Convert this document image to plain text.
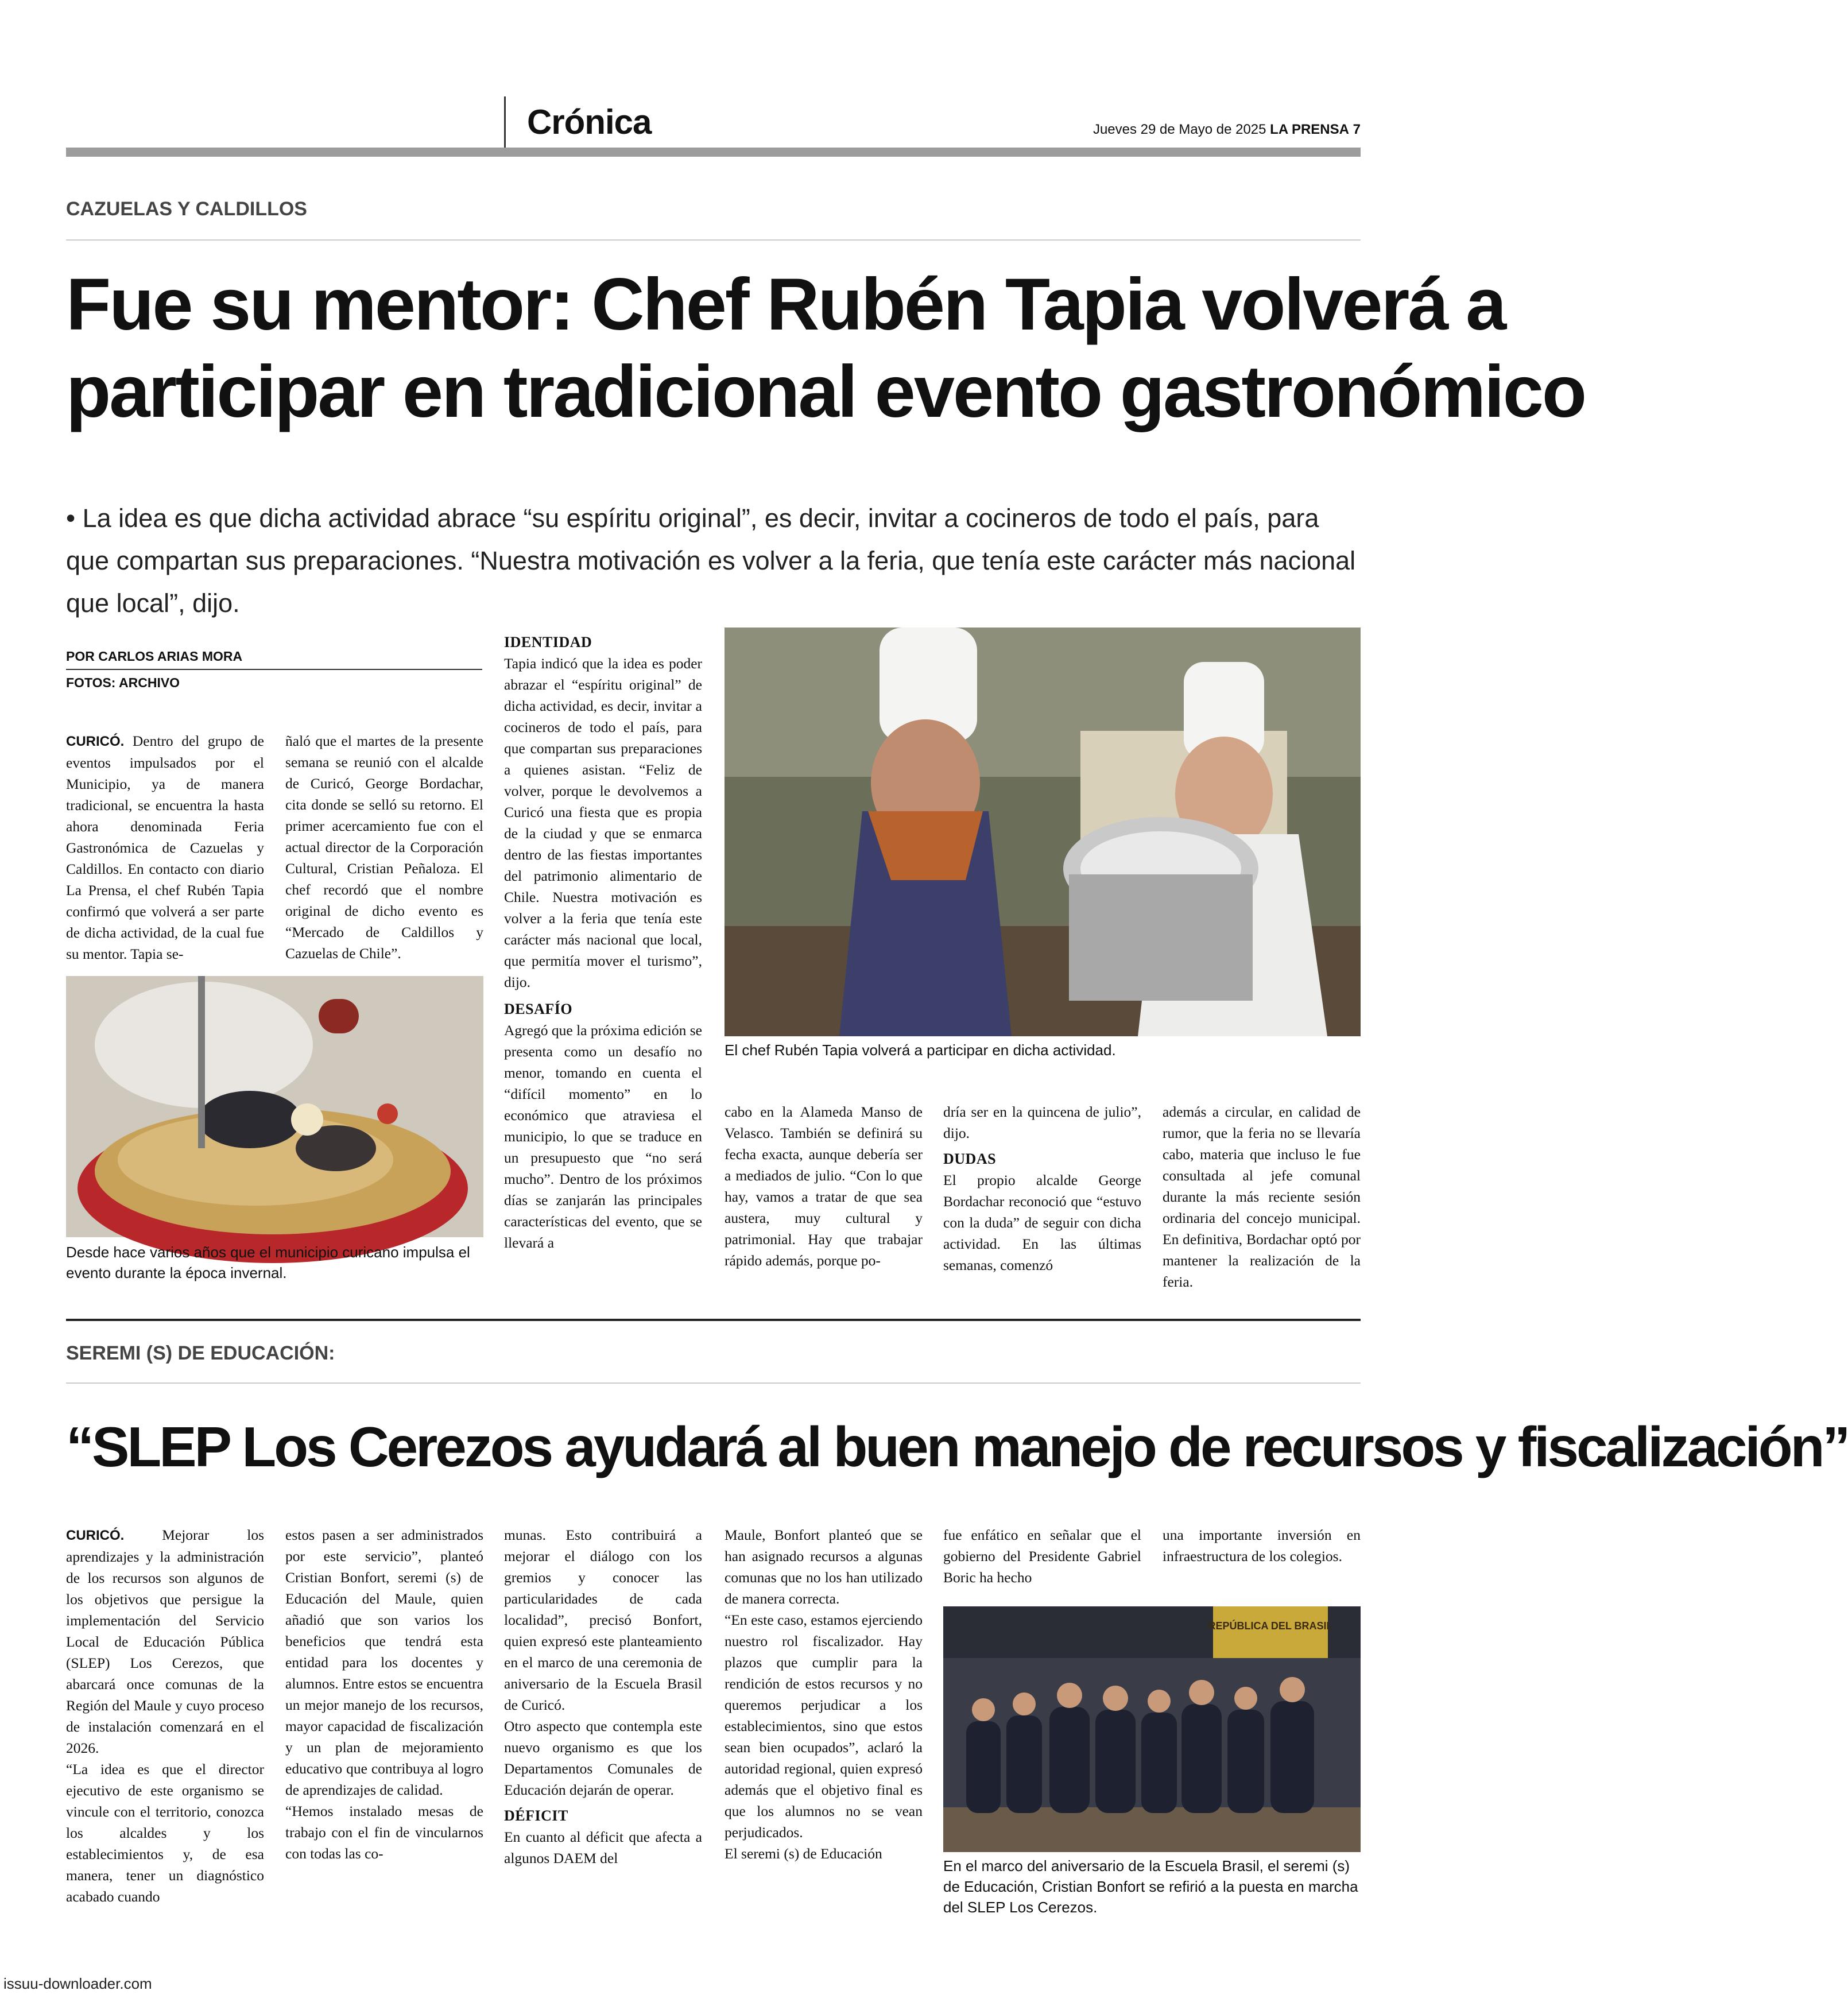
Crónica	Jueves 29 de Mayo de 2025 LA PRENSA 7
CAZUELAS Y CALDILLOS
Fue su mentor: Chef Rubén Tapia volverá a
participar en tradicional evento gastronómico
• La idea es que dicha actividad abrace “su espíritu original”, es decir, invitar a cocineros de todo el país, para que compartan sus preparaciones. “Nuestra motivación es volver a la feria, que tenía este carácter más nacional que local”, dijo.
POR CARLOS ARIAS MORA
FOTOS: ARCHIVO

CURICÓ. Dentro del grupo de eventos impulsados por el Municipio, ya de manera tradicional, se encuentra la hasta ahora denominada Feria Gastronómica de Cazuelas y Caldillos. En contacto con diario La Prensa, el chef Rubén Tapia confirmó que volverá a ser parte de dicha actividad, de la cual fue su mentor. Tapia se-

ñaló que el martes de la presente semana se reunió con el alcalde de Curicó, George Bordachar, cita donde se selló su retorno. El primer acercamiento fue con el actual director de la Corporación Cultural, Cristian Peñaloza. El chef recordó que el nombre original de dicho evento es “Mercado de Caldillos y Cazuelas de Chile”.

Desde hace varios años que el municipio curicano impulsa el evento durante la época invernal.

IDENTIDAD

Tapia indicó que la idea es poder abrazar el “espíritu original” de dicha actividad, es decir, invitar a cocineros de todo el país, para que compartan sus preparaciones a quienes asistan. “Feliz de volver, porque le devolvemos a Curicó una fiesta que es propia de la ciudad y que se enmarca dentro de las fiestas importantes del patrimonio alimentario de Chile. Nuestra motivación es volver a la feria que tenía este carácter más nacional que local, que permitía mover el turismo”, dijo.

DESAFÍO

Agregó que la próxima edición se presenta como un desafío no menor, tomando en cuenta el “difícil momento” en lo económico que atraviesa el municipio, lo que se traduce en un presupuesto que “no será mucho”. Dentro de los próximos días se zanjarán las principales características del evento, que se llevará a

El chef Rubén Tapia volverá a participar en dicha actividad.

cabo en la Alameda Manso de Velasco. También se definirá su fecha exacta, aunque debería ser a mediados de julio. “Con lo que hay, vamos a tratar de que sea austera, muy cultural y patrimonial. Hay que trabajar rápido además, porque po-

dría ser en la quincena de julio”, dijo.

DUDAS

El propio alcalde George Bordachar reconoció que “estuvo con la duda” de seguir con dicha actividad. En las últimas semanas, comenzó

además a circular, en calidad de rumor, que la feria no se llevaría cabo, materia que incluso le fue consultada al jefe comunal durante la más reciente sesión ordinaria del concejo municipal. En definitiva, Bordachar optó por mantener la realización de la feria.

SEREMI (S) DE EDUCACIÓN:
“SLEP Los Cerezos ayudará al buen manejo de recursos y fiscalización”

CURICÓ.	Mejorar los aprendizajes y la administración de los recursos son algunos de los objetivos que persigue la implementación del Servicio Local de Educación Pública (SLEP) Los Cerezos, que abarcará once comunas de la Región del Maule y cuyo proceso de instalación comenzará en el 2026.

“La idea es que el director ejecutivo de este organismo se vincule con el territorio, conozca los alcaldes y los establecimientos y, de esa manera, tener un diagnóstico acabado cuando

estos pasen a ser administrados por este servicio”, planteó Cristian Bonfort, seremi (s) de Educación del Maule, quien añadió que son varios los beneficios que tendrá esta entidad para los docentes y alumnos. Entre estos se encuentra un mejor manejo de los recursos, mayor capacidad de fiscalización y un plan de mejoramiento educativo que contribuya al logro de aprendizajes de calidad.

“Hemos instalado mesas de trabajo con el fin de vincularnos con todas las co-

munas. Esto contribuirá a mejorar el diálogo con los gremios y conocer las particularidades de cada localidad”, precisó Bonfort, quien expresó este planteamiento en el marco de una ceremonia de aniversario de la Escuela Brasil de Curicó.

Otro aspecto que contempla este nuevo organismo es que los Departamentos Comunales de Educación dejarán de operar.

DÉFICIT

En cuanto al déficit que afecta a algunos DAEM del

Maule, Bonfort planteó que se han asignado recursos a algunas comunas que no los han utilizado de manera correcta.

“En este caso, estamos ejerciendo nuestro rol fiscalizador. Hay plazos que cumplir para la rendición de estos recursos y no queremos perjudicar a los establecimientos, sino que estos sean bien ocupados”, aclaró la autoridad regional, quien expresó además que el objetivo final es que los alumnos no se vean perjudicados.

El seremi (s) de Educación

fue enfático en señalar que el gobierno del Presidente Gabriel Boric ha hecho

una importante inversión en infraestructura de los colegios.

REPÚBLICA DEL BRASIL
En el marco del aniversario de la Escuela Brasil, el seremi (s) de Educación, Cristian Bonfort se refirió a la puesta en marcha del SLEP Los Cerezos.
issuu-downloader.com
